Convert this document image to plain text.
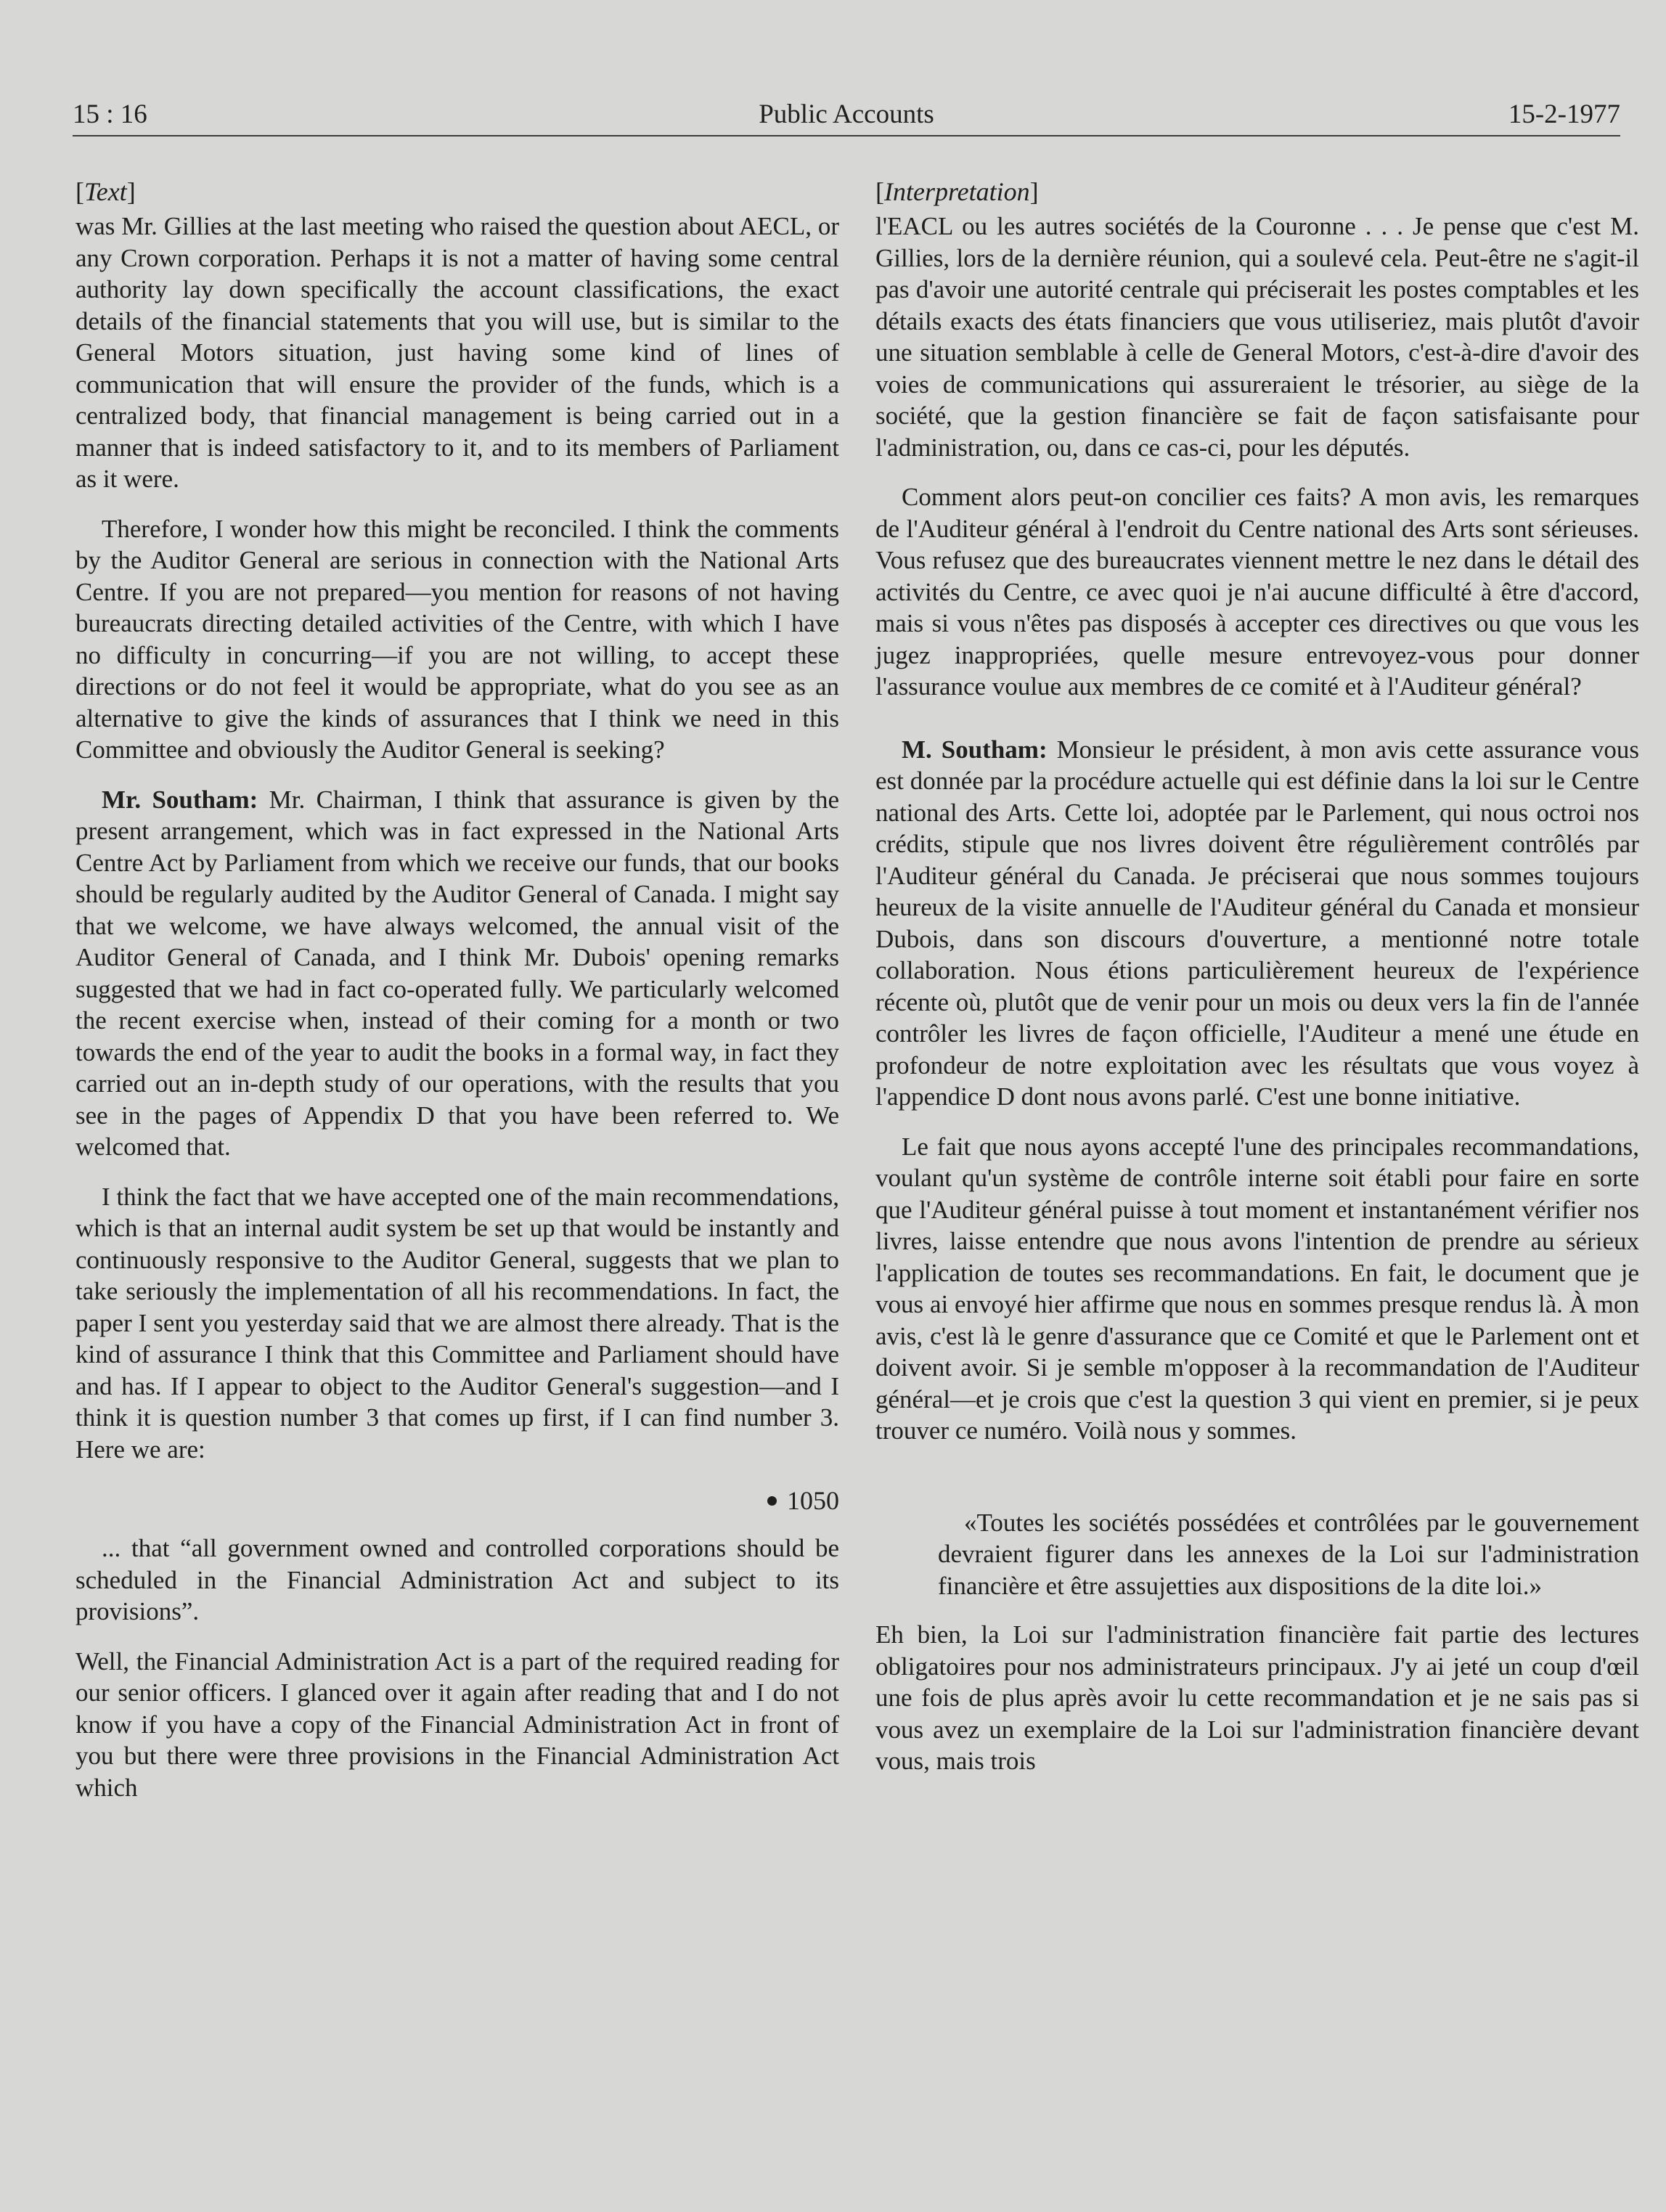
15 : 16	Public Accounts	15-2-1977
[Text]

was Mr. Gillies at the last meeting who raised the question about AECL, or any Crown corporation. Perhaps it is not a matter of having some central authority lay down specifically the account classifications, the exact details of the financial statements that you will use, but is similar to the General Motors situation, just having some kind of lines of communication that will ensure the provider of the funds, which is a centralized body, that financial management is being carried out in a manner that is indeed satisfactory to it, and to its members of Parliament as it were.

Therefore, I wonder how this might be reconciled. I think the comments by the Auditor General are serious in connection with the National Arts Centre. If you are not prepared—you mention for reasons of not having bureaucrats directing detailed activities of the Centre, with which I have no difficulty in concurring—if you are not willing, to accept these directions or do not feel it would be appropriate, what do you see as an alternative to give the kinds of assurances that I think we need in this Committee and obviously the Auditor General is seeking?

Mr. Southam: Mr. Chairman, I think that assurance is given by the present arrangement, which was in fact expressed in the National Arts Centre Act by Parliament from which we receive our funds, that our books should be regularly audited by the Auditor General of Canada. I might say that we welcome, we have always welcomed, the annual visit of the Auditor General of Canada, and I think Mr. Dubois' opening remarks suggested that we had in fact co-operated fully. We particularly welcomed the recent exercise when, instead of their coming for a month or two towards the end of the year to audit the books in a formal way, in fact they carried out an in-depth study of our operations, with the results that you see in the pages of Appendix D that you have been referred to. We welcomed that.

I think the fact that we have accepted one of the main recommendations, which is that an internal audit system be set up that would be instantly and continuously responsive to the Auditor General, suggests that we plan to take seriously the implementation of all his recommendations. In fact, the paper I sent you yesterday said that we are almost there already. That is the kind of assurance I think that this Committee and Parliament should have and has. If I appear to object to the Auditor General's suggestion—and I think it is question number 3 that comes up first, if I can find number 3. Here we are:

1050

... that “all government owned and controlled corporations should be scheduled in the Financial Administration Act and subject to its provisions”.

Well, the Financial Administration Act is a part of the required reading for our senior officers. I glanced over it again after reading that and I do not know if you have a copy of the Financial Administration Act in front of you but there were three provisions in the Financial Administration Act which

[Interpretation]

l'EACL ou les autres sociétés de la Couronne . . . Je pense que c'est M. Gillies, lors de la dernière réunion, qui a soulevé cela. Peut-être ne s'agit-il pas d'avoir une autorité centrale qui préciserait les postes comptables et les détails exacts des états financiers que vous utiliseriez, mais plutôt d'avoir une situation semblable à celle de General Motors, c'est-à-dire d'avoir des voies de communications qui assureraient le trésorier, au siège de la société, que la gestion financière se fait de façon satisfaisante pour l'administration, ou, dans ce cas-ci, pour les députés.

Comment alors peut-on concilier ces faits? A mon avis, les remarques de l'Auditeur général à l'endroit du Centre national des Arts sont sérieuses. Vous refusez que des bureaucrates viennent mettre le nez dans le détail des activités du Centre, ce avec quoi je n'ai aucune difficulté à être d'accord, mais si vous n'êtes pas disposés à accepter ces directives ou que vous les jugez inappropriées, quelle mesure entrevoyez-vous pour donner l'assurance voulue aux membres de ce comité et à l'Auditeur général?

M. Southam: Monsieur le président, à mon avis cette assurance vous est donnée par la procédure actuelle qui est définie dans la loi sur le Centre national des Arts. Cette loi, adoptée par le Parlement, qui nous octroi nos crédits, stipule que nos livres doivent être régulièrement contrôlés par l'Auditeur général du Canada. Je préciserai que nous sommes toujours heureux de la visite annuelle de l'Auditeur général du Canada et monsieur Dubois, dans son discours d'ouverture, a mentionné notre totale collaboration. Nous étions particulièrement heureux de l'expérience récente où, plutôt que de venir pour un mois ou deux vers la fin de l'année contrôler les livres de façon officielle, l'Auditeur a mené une étude en profondeur de notre exploitation avec les résultats que vous voyez à l'appendice D dont nous avons parlé. C'est une bonne initiative.

Le fait que nous ayons accepté l'une des principales recommandations, voulant qu'un système de contrôle interne soit établi pour faire en sorte que l'Auditeur général puisse à tout moment et instantanément vérifier nos livres, laisse entendre que nous avons l'intention de prendre au sérieux l'application de toutes ses recommandations. En fait, le document que je vous ai envoyé hier affirme que nous en sommes presque rendus là. À mon avis, c'est là le genre d'assurance que ce Comité et que le Parlement ont et doivent avoir. Si je semble m'opposer à la recommandation de l'Auditeur général—et je crois que c'est la question 3 qui vient en premier, si je peux trouver ce numéro. Voilà nous y sommes.

«Toutes les sociétés possédées et contrôlées par le gouvernement devraient figurer dans les annexes de la Loi sur l'administration financière et être assujetties aux dispositions de la dite loi.»

Eh bien, la Loi sur l'administration financière fait partie des lectures obligatoires pour nos administrateurs principaux. J'y ai jeté un coup d'œil une fois de plus après avoir lu cette recommandation et je ne sais pas si vous avez un exemplaire de la Loi sur l'administration financière devant vous, mais trois
